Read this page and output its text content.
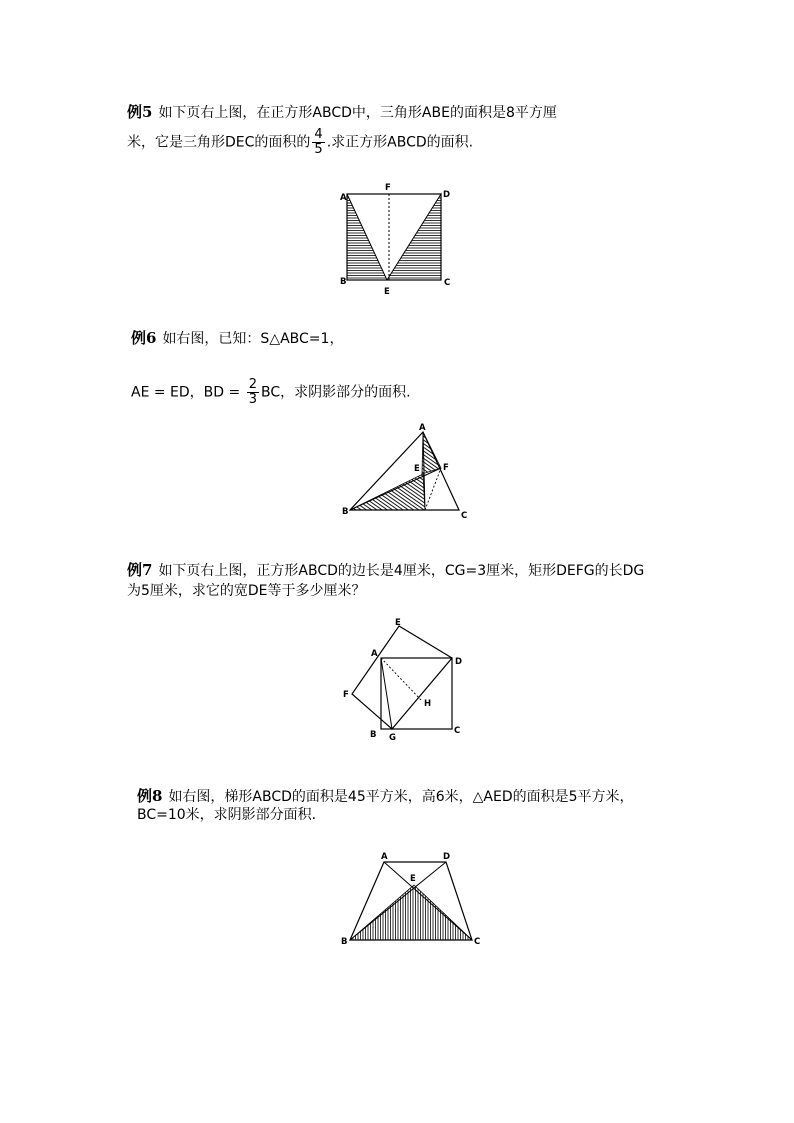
例5 如下页右上图，在正方形ABCD中，三角形ABE的面积是8平方厘
米，它是三角形DEC的面积的 $\frac{4}{5}$ .求正方形ABCD的面积.
A
F
D
B
E
C
例6 如右图，已知：S△ABC=1，
AE = ED，BD = $\frac{2}{3}$ BC，求阴影部分的面积.
A
E	F
B	C
例7 如下页右上图，正方形ABCD的边长是4厘米，CG=3厘米，矩形DEFG的长DG
为5厘米，求它的宽DE等于多少厘米？
E
A
D
F
H
B G
C
例8 如右图，梯形ABCD的面积是45平方米，高6米，△AED的面积是5平方米，
BC=10米，求阴影部分面积.
A	D
E
B	C
